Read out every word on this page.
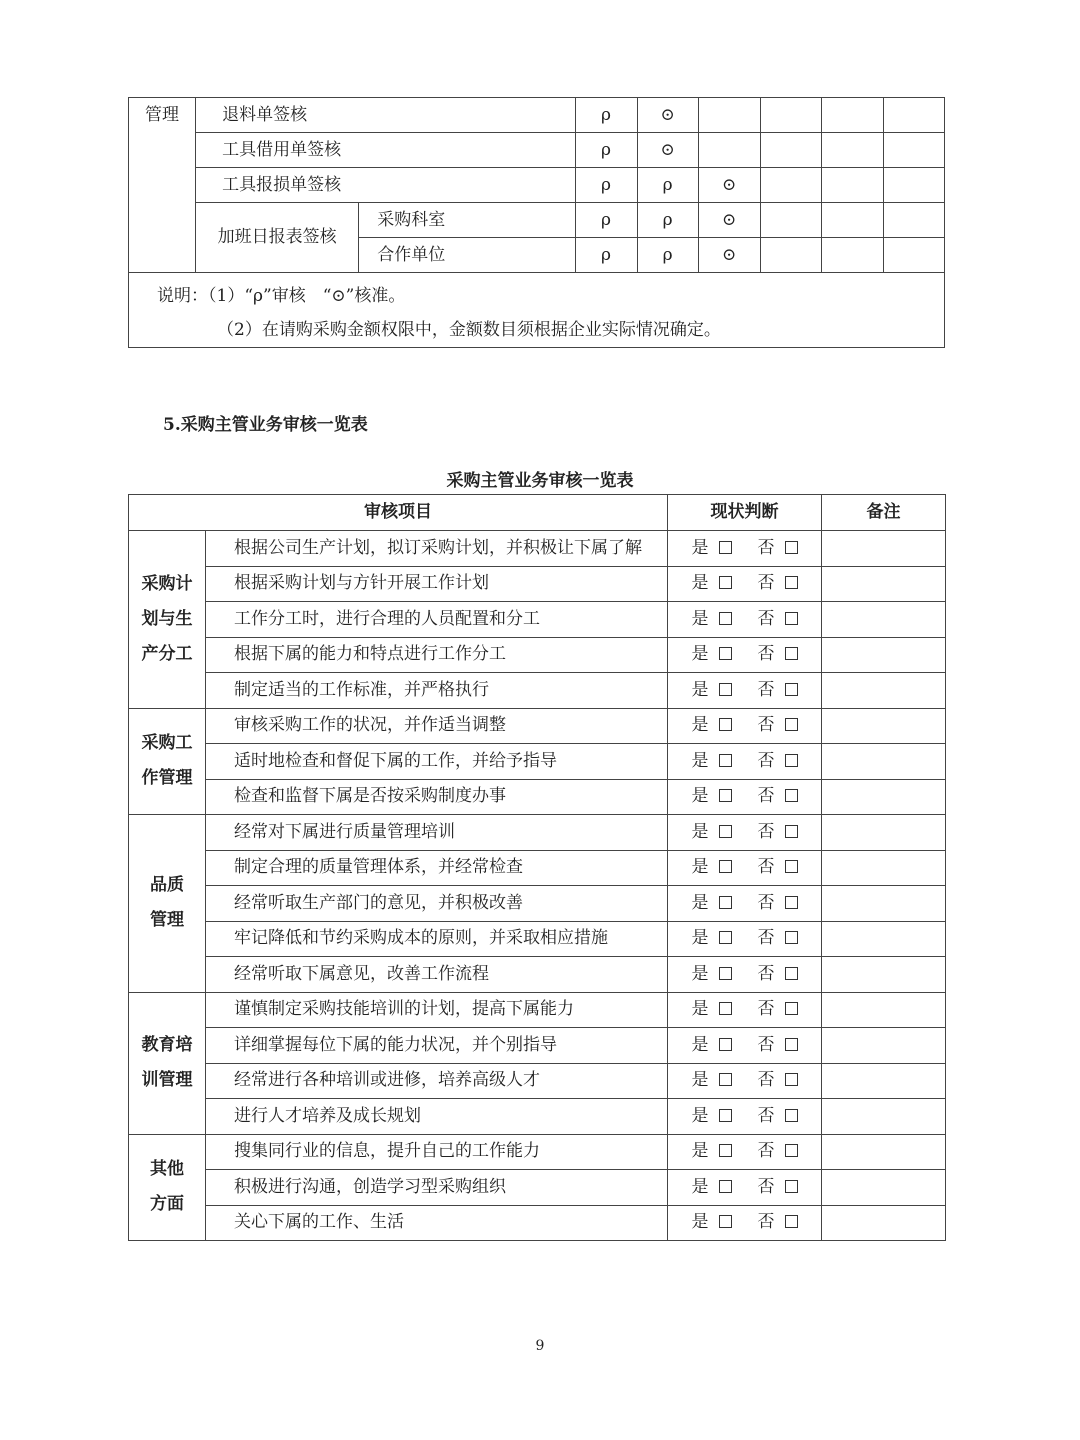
管理	退料单签核		ρ	⊙				
	工具借用单签核		ρ	⊙				
	工具报损单签核		ρ	ρ	⊙			
	加班日报表签核	采购科室	ρ	ρ	⊙			
		合作单位	ρ	ρ	⊙			

说明：（1）“ρ”审核　“⊙”核准。
（2）在请购采购金额权限中，金额数目须根据企业实际情况确定。								
5.采购主管业务审核一览表
采购主管业务审核一览表
审核项目		现状判断	备注

采购计
划与生
产分工	根据公司生产计划，拟订采购计划，并积极让下属了解	是 否	
	根据采购计划与方针开展工作计划	是 否	
	工作分工时，进行合理的人员配置和分工	是 否	
	根据下属的能力和特点进行工作分工	是 否	
	制定适当的工作标准，并严格执行	是 否	

采购工
作管理	审核采购工作的状况，并作适当调整	是 否	
	适时地检查和督促下属的工作，并给予指导	是 否	
	检查和监督下属是否按采购制度办事	是 否	

品质
管理	经常对下属进行质量管理培训	是 否	
	制定合理的质量管理体系，并经常检查	是 否	
	经常听取生产部门的意见，并积极改善	是 否	
	牢记降低和节约采购成本的原则，并采取相应措施	是 否	
	经常听取下属意见，改善工作流程	是 否	

教育培
训管理	谨慎制定采购技能培训的计划，提高下属能力	是 否	
	详细掌握每位下属的能力状况，并个别指导	是 否	
	经常进行各种培训或进修，培养高级人才	是 否	
	进行人才培养及成长规划	是 否	

其他
方面	搜集同行业的信息，提升自己的工作能力	是 否	
	积极进行沟通，创造学习型采购组织	是 否	
	关心下属的工作、生活	是 否	
9
